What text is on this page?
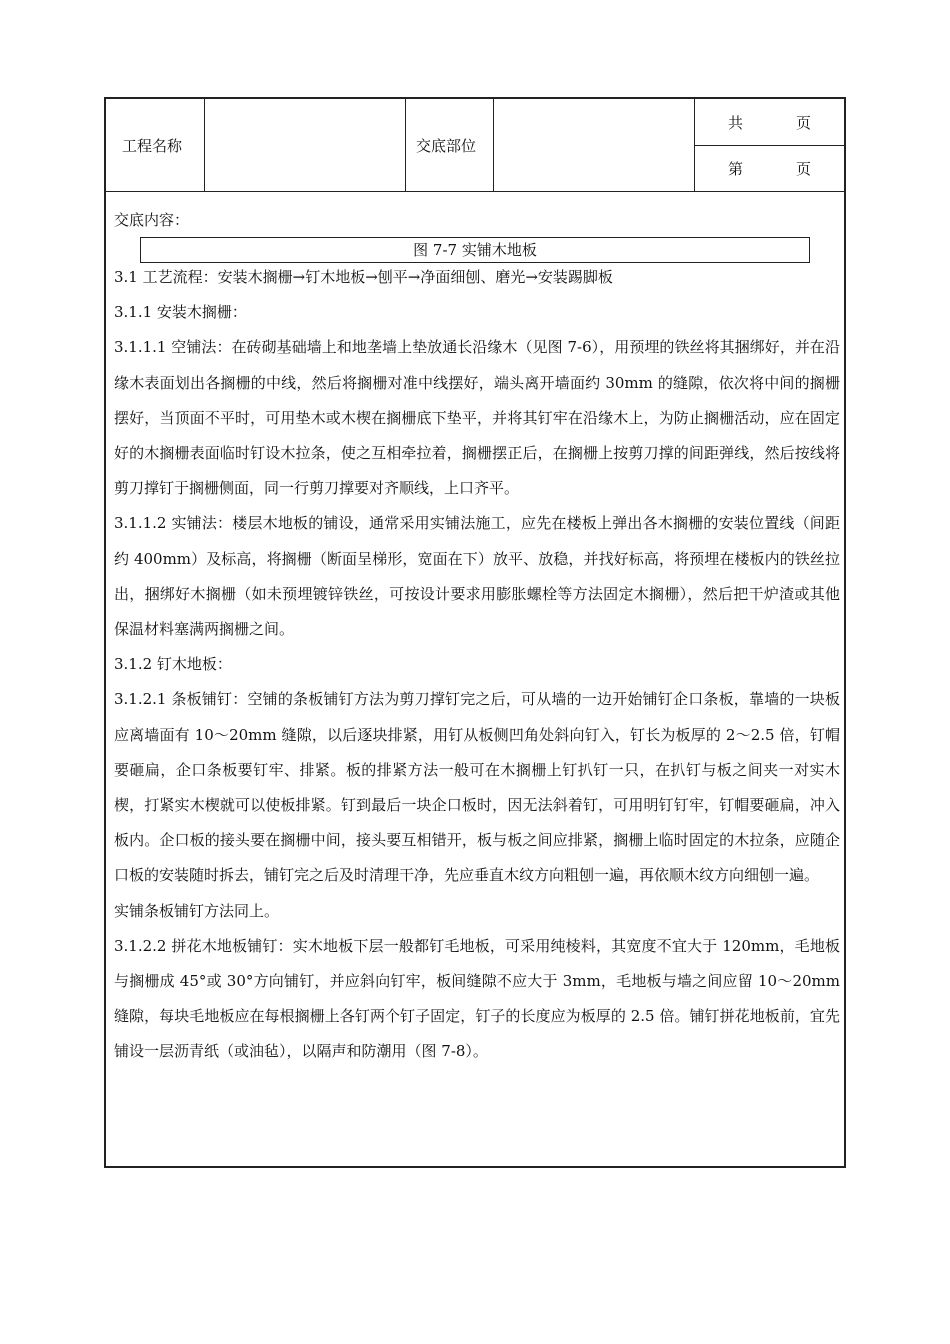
工程名称	交底部位
共	页
第	页

交底内容：

图 7-7 实铺木地板

3.1 工艺流程：安装木搁栅→钉木地板→刨平→净面细刨、磨光→安装踢脚板

3.1.1 安装木搁栅：

3.1.1.1 空铺法：在砖砌基础墙上和地垄墙上垫放通长沿缘木（见图 7-6），用预埋的铁丝将其捆绑好，并在沿缘木表面划出各搁栅的中线，然后将搁栅对准中线摆好，端头离开墙面约 30mm 的缝隙，依次将中间的搁栅摆好，当顶面不平时，可用垫木或木楔在搁栅底下垫平，并将其钉牢在沿缘木上，为防止搁栅活动，应在固定好的木搁栅表面临时钉设木拉条，使之互相牵拉着，搁栅摆正后，在搁栅上按剪刀撑的间距弹线，然后按线将剪刀撑钉于搁栅侧面，同一行剪刀撑要对齐顺线，上口齐平。

3.1.1.2 实铺法：楼层木地板的铺设，通常采用实铺法施工，应先在楼板上弹出各木搁栅的安装位置线（间距约 400mm）及标高，将搁栅（断面呈梯形，宽面在下）放平、放稳，并找好标高，将预埋在楼板内的铁丝拉出，捆绑好木搁栅（如未预埋镀锌铁丝，可按设计要求用膨胀螺栓等方法固定木搁栅），然后把干炉渣或其他保温材料塞满两搁栅之间。

3.1.2 钉木地板：

3.1.2.1 条板铺钉：空铺的条板铺钉方法为剪刀撑钉完之后，可从墙的一边开始铺钉企口条板，靠墙的一块板应离墙面有 10～20mm 缝隙，以后逐块排紧，用钉从板侧凹角处斜向钉入，钉长为板厚的 2～2.5 倍，钉帽要砸扁，企口条板要钉牢、排紧。板的排紧方法一般可在木搁栅上钉扒钉一只，在扒钉与板之间夹一对实木楔，打紧实木楔就可以使板排紧。钉到最后一块企口板时，因无法斜着钉，可用明钉钉牢，钉帽要砸扁，冲入板内。企口板的接头要在搁栅中间，接头要互相错开，板与板之间应排紧，搁栅上临时固定的木拉条，应随企口板的安装随时拆去，铺钉完之后及时清理干净，先应垂直木纹方向粗刨一遍，再依顺木纹方向细刨一遍。

实铺条板铺钉方法同上。

3.1.2.2 拼花木地板铺钉：实木地板下层一般都钉毛地板，可采用纯棱料，其宽度不宜大于 120mm，毛地板与搁栅成 45°或 30°方向铺钉，并应斜向钉牢，板间缝隙不应大于 3mm，毛地板与墙之间应留 10～20mm 缝隙，每块毛地板应在每根搁栅上各钉两个钉子固定，钉子的长度应为板厚的 2.5 倍。铺钉拼花地板前，宜先铺设一层沥青纸（或油毡），以隔声和防潮用（图 7-8）。
